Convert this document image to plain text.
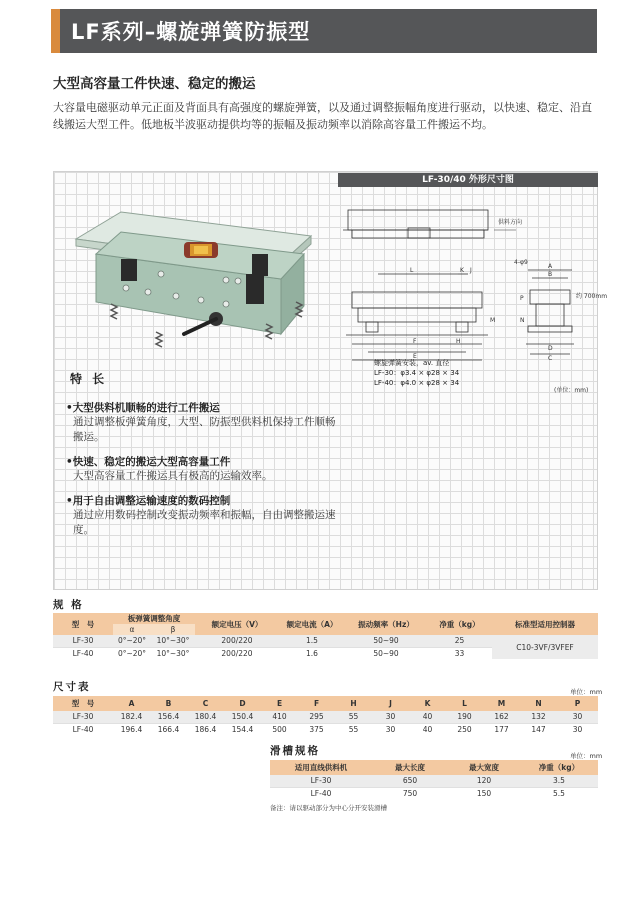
LF系列–螺旋弹簧防振型
大型高容量工件快速、稳定的搬运
大容量电磁驱动单元正面及背面具有高强度的螺旋弹簧，以及通过调整振幅角度进行驱动，以快速、稳定、沿直线搬运大型工件。低地板半波驱动提供均等的振幅及振动频率以消除高容量工件搬运不均。
特 长
•大型供料机顺畅的进行工件搬运
通过调整板弹簧角度，大型、防振型供料机保持工件顺畅搬运。
•快速、稳定的搬运大型高容量工件
大型高容量工件搬运具有极高的运输效率。
•用于自由调整运输速度的数码控制
通过应用数码控制改变振动频率和振幅，自由调整搬运速度。
LF-30/40 外形尺寸图
供料方向
L	K J
M
F	H
E
4-φ9
A
B
P
N
D
C
约 700mm
螺旋弹簧安装，av. 直径
LF-30：φ3.4 × φ28 × 34
LF-40：φ4.0 × φ28 × 34
(单位：mm)
规 格
型　号	板弹簧调整角度		额定电压（V）	额定电流（A）	振动频率（Hz）	净重（kg）	标准型适用控制器
	α	β					
LF-30	0°~20°	10°~30°	200/220	1.5	50~90	25	C10-3VF/3VFEF
LF-40	0°~20°	10°~30°	200/220	1.6	50~90	33	
尺寸表	单位：mm
型　号	A	B	C	D	E	F	H	J	K	L	M	N	P
LF-30	182.4	156.4	180.4	150.4	410	295	55	30	40	190	162	132	30
LF-40	196.4	166.4	186.4	154.4	500	375	55	30	40	250	177	147	30
滑槽规格	单位：mm
适用直线供料机	最大长度	最大宽度	净重（kg）
LF-30	650	120	3.5
LF-40	750	150	5.5
备注：请以驱动部分为中心分开安装滑槽
